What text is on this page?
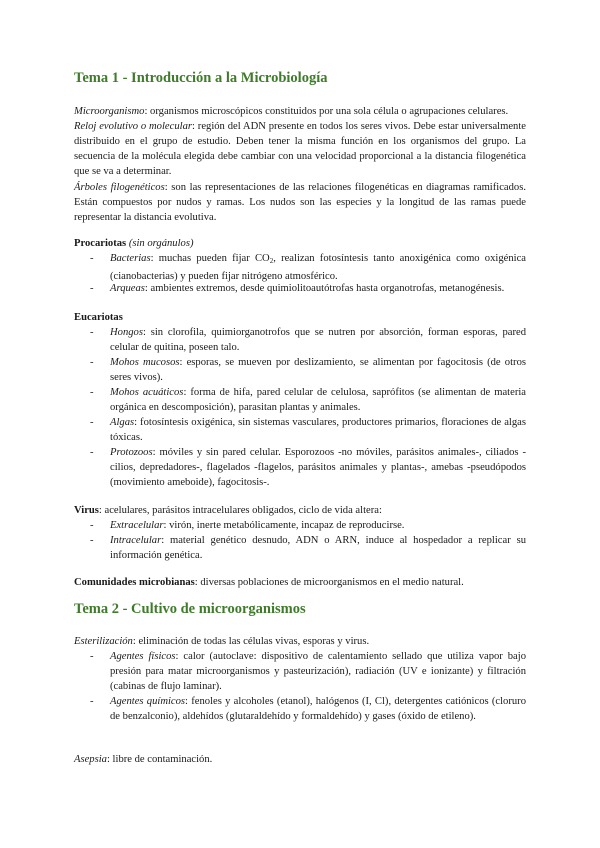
Tema 1 - Introducción a la Microbiología

Microorganismo: organismos microscópicos constituidos por una sola célula o agrupaciones celulares.

Reloj evolutivo o molecular: región del ADN presente en todos los seres vivos. Debe estar universalmente distribuido en el grupo de estudio. Deben tener la misma función en los organismos del grupo. La secuencia de la molécula elegida debe cambiar con una velocidad proporcional a la distancia filogenética que se va a determinar.

Árboles filogenéticos: son las representaciones de las relaciones filogenéticas en diagramas ramificados. Están compuestos por nudos y ramas. Los nudos son las especies y la longitud de las ramas puede representar la distancia evolutiva.

Procariotas (sin orgánulos)

- Bacterias: muchas pueden fijar $CO_2$, realizan fotosíntesis tanto anoxigénica como oxigénica (cianobacterias) y pueden fijar nitrógeno atmosférico.

- Arqueas: ambientes extremos, desde quimiolitoautótrofas hasta organotrofas, metanogénesis.

Eucariotas

- Hongos: sin clorofila, quimiorganotrofos que se nutren por absorción, forman esporas, pared celular de quitina, poseen talo.

- Mohos mucosos: esporas, se mueven por deslizamiento, se alimentan por fagocitosis (de otros seres vivos).

- Mohos acuáticos: forma de hifa, pared celular de celulosa, saprófitos (se alimentan de materia orgánica en descomposición), parasitan plantas y animales.

- Algas: fotosíntesis oxigénica, sin sistemas vasculares, productores primarios, floraciones de algas tóxicas.

- Protozoos: móviles y sin pared celular. Esporozoos -no móviles, parásitos animales-, ciliados -cilios, depredadores-, flagelados -flagelos, parásitos animales y plantas-, amebas -pseudópodos (movimiento ameboide), fagocitosis-.

Virus: acelulares, parásitos intracelulares obligados, ciclo de vida altera:

- Extracelular: virón, inerte metabólicamente, incapaz de reproducirse.

- Intracelular: material genético desnudo, ADN o ARN, induce al hospedador a replicar su información genética.

Comunidades microbianas: diversas poblaciones de microorganismos en el medio natural.

Tema 2 - Cultivo de microorganismos

Esterilización: eliminación de todas las células vivas, esporas y virus.

- Agentes físicos: calor (autoclave: dispositivo de calentamiento sellado que utiliza vapor bajo presión para matar microorganismos y pasteurización), radiación (UV e ionizante) y filtración (cabinas de flujo laminar).

- Agentes químicos: fenoles y alcoholes (etanol), halógenos (I, Cl), detergentes catiónicos (cloruro de benzalconio), aldehídos (glutaraldehído y formaldehído) y gases (óxido de etileno).

Asepsia: libre de contaminación.
